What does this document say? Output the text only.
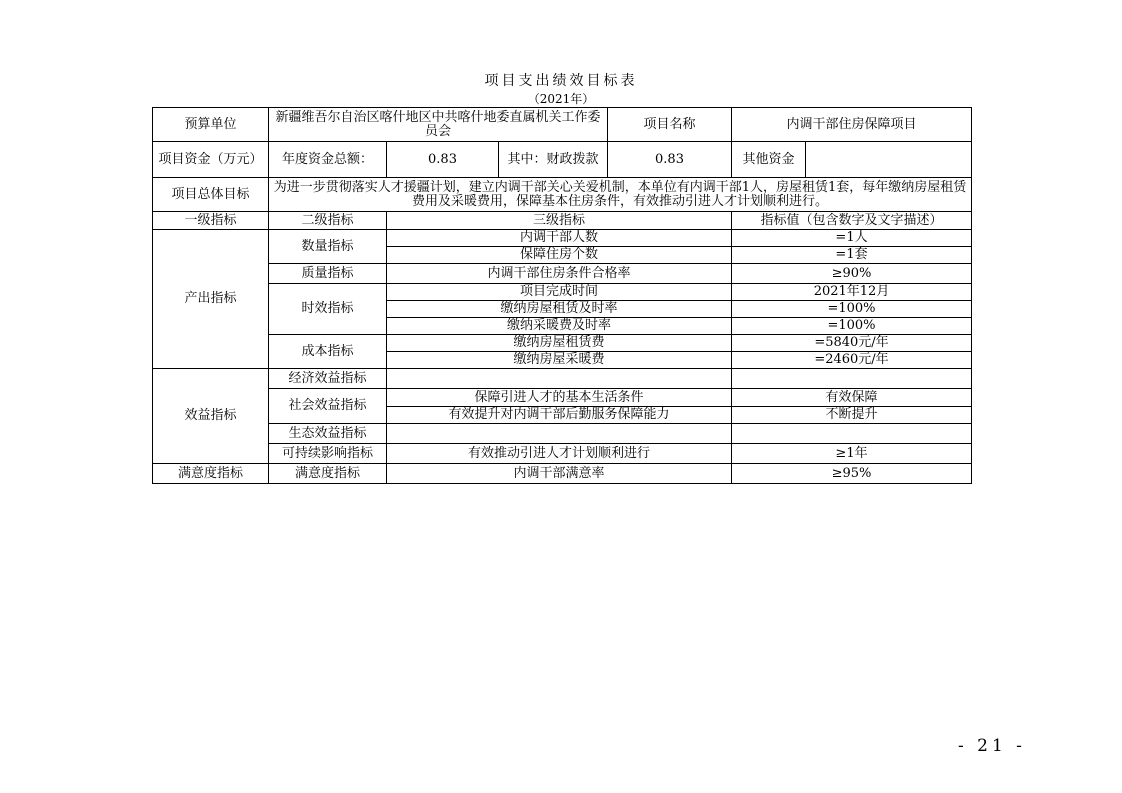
项目支出绩效目标表
（2021年）
预算单位	新疆维吾尔自治区喀什地区中共喀什地委直属机关工作委员会			项目名称	内调干部住房保障项目	
项目资金（万元）	年度资金总额：	0.83	其中：财政拨款	0.83	其他资金	
项目总体目标	为进一步贯彻落实人才援疆计划，建立内调干部关心关爱机制，本单位有内调干部1人，房屋租赁1套，每年缴纳房屋租赁费用及采暖费用，保障基本住房条件，有效推动引进人才计划顺利进行。					
一级指标	二级指标	三级指标			指标值（包含数字及文字描述）	
产出指标	数量指标	内调干部人数			=1人	
		保障住房个数			=1套	
	质量指标	内调干部住房条件合格率			≥90%	
	时效指标	项目完成时间			2021年12月	
		缴纳房屋租赁及时率			=100%	
		缴纳采暖费及时率			=100%	
	成本指标	缴纳房屋租赁费			=5840元/年	
		缴纳房屋采暖费			=2460元/年	
效益指标	经济效益指标					
	社会效益指标	保障引进人才的基本生活条件			有效保障	
		有效提升对内调干部后勤服务保障能力			不断提升	
	生态效益指标					
	可持续影响指标	有效推动引进人才计划顺利进行			≥1年	
满意度指标	满意度指标	内调干部满意率			≥95%	
- 21 -
